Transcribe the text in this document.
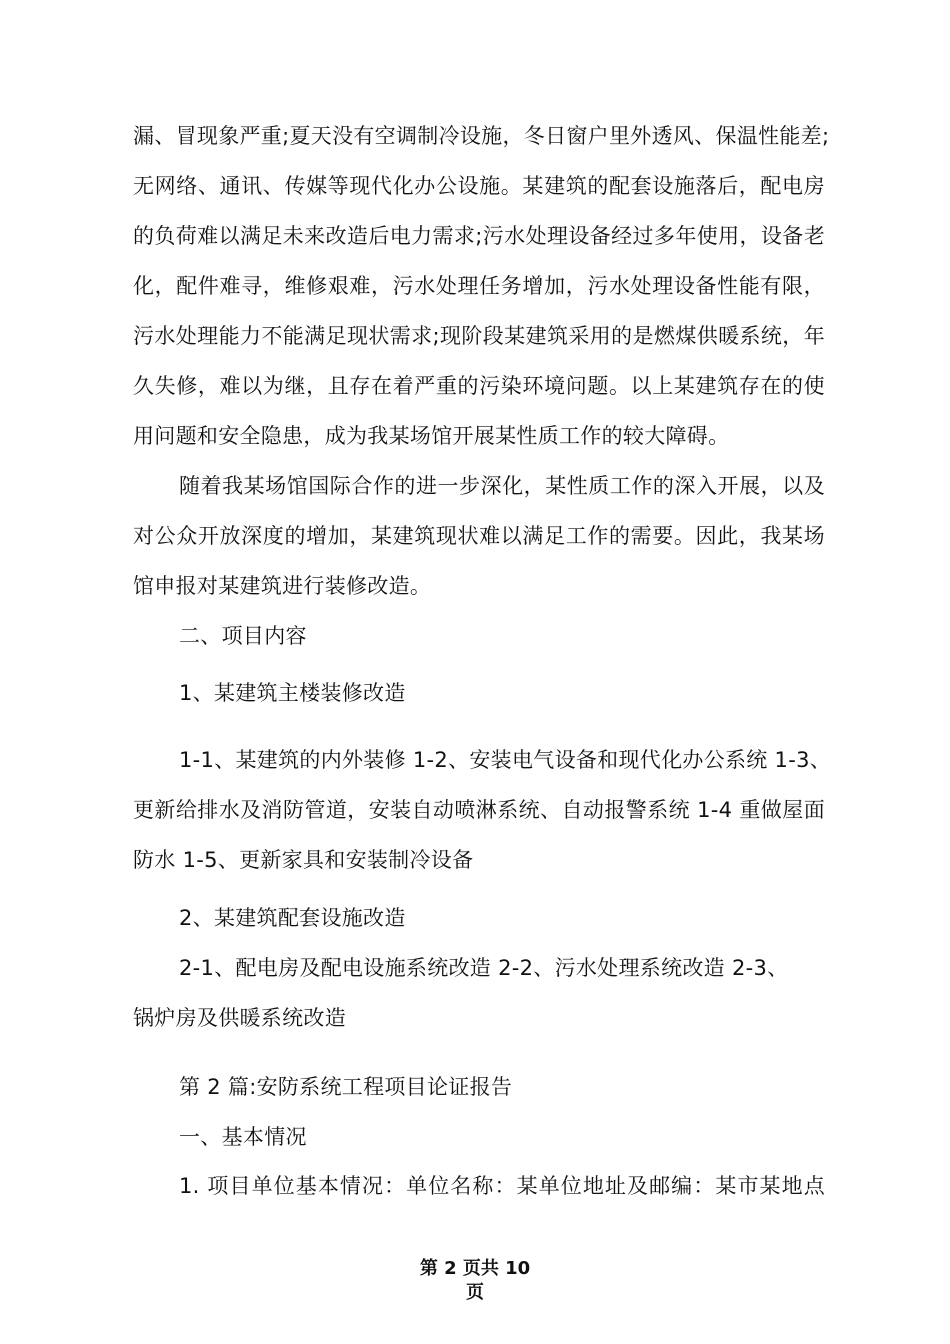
漏、冒现象严重;夏天没有空调制冷设施，冬日窗户里外透风、保温性能差;
无网络、通讯、传媒等现代化办公设施。某建筑的配套设施落后，配电房
的负荷难以满足未来改造后电力需求;污水处理设备经过多年使用，设备老
化，配件难寻，维修艰难，污水处理任务增加，污水处理设备性能有限，
污水处理能力不能满足现状需求;现阶段某建筑采用的是燃煤供暖系统，年
久失修，难以为继，且存在着严重的污染环境问题。以上某建筑存在的使
用问题和安全隐患，成为我某场馆开展某性质工作的较大障碍。
随着我某场馆国际合作的进一步深化，某性质工作的深入开展，以及
对公众开放深度的增加，某建筑现状难以满足工作的需要。因此，我某场
馆申报对某建筑进行装修改造。
二、项目内容
1、某建筑主楼装修改造
1-1、某建筑的内外装修 1-2、安装电气设备和现代化办公系统 1-3、
更新给排水及消防管道，安装自动喷淋系统、自动报警系统 1-4 重做屋面
防水 1-5、更新家具和安装制冷设备
2、某建筑配套设施改造
2-1、配电房及配电设施系统改造 2-2、污水处理系统改造 2-3、
锅炉房及供暖系统改造
第 2 篇:安防系统工程项目论证报告
一、基本情况
1. 项目单位基本情况：单位名称：某单位地址及邮编：某市某地点
第 2 页共 10
页
